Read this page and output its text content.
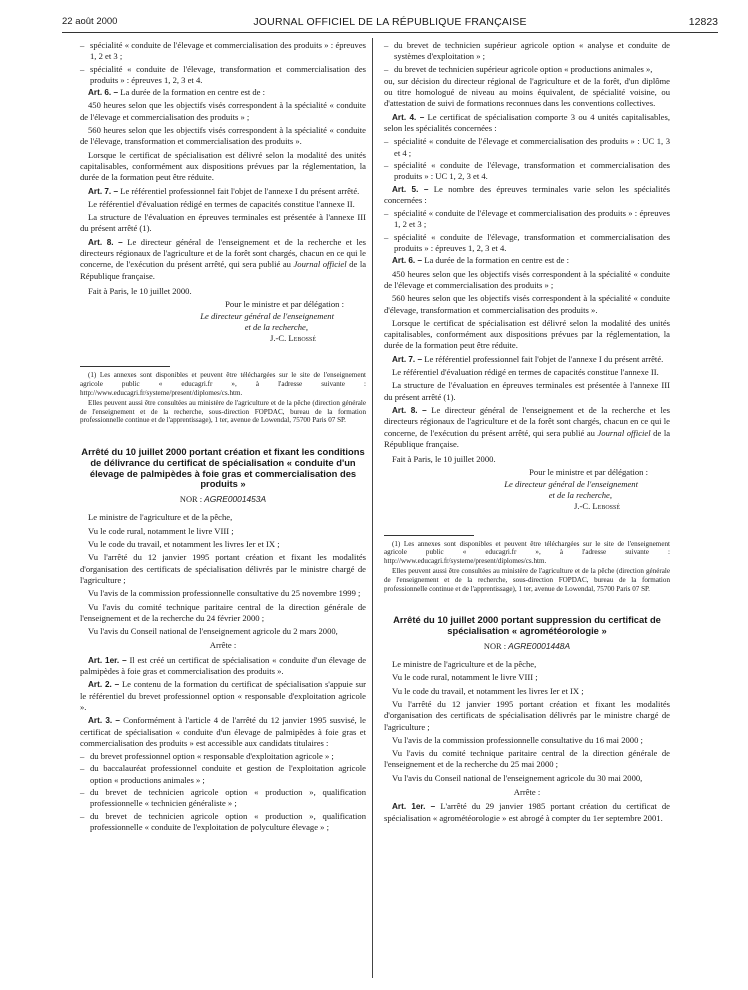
22 août 2000	JOURNAL OFFICIEL DE LA RÉPUBLIQUE FRANÇAISE	12823
– spécialité « conduite de l'élevage et commercialisation des produits » : épreuves 1, 2 et 3 ;
– spécialité « conduite de l'élevage, transformation et commercialisation des produits » : épreuves 1, 2, 3 et 4.

Art. 6. – La durée de la formation en centre est de :

450 heures selon que les objectifs visés correspondent à la spécialité « conduite de l'élevage et commercialisation des produits » ;

560 heures selon que les objectifs visés correspondent à la spécialité « conduite de l'élevage, transformation et commercialisation des produits ».

Lorsque le certificat de spécialisation est délivré selon la modalité des unités capitalisables, conformément aux dispositions prévues par la réglementation, la durée de la formation peut être réduite.

Art. 7. – Le référentiel professionnel fait l'objet de l'annexe I du présent arrêté.

Le référentiel d'évaluation rédigé en termes de capacités constitue l'annexe II.

La structure de l'évaluation en épreuves terminales est présentée à l'annexe III du présent arrêté (1).

Art. 8. – Le directeur général de l'enseignement et de la recherche et les directeurs régionaux de l'agriculture et de la forêt sont chargés, chacun en ce qui le concerne, de l'exécution du présent arrêté, qui sera publié au Journal officiel de la République française.

Fait à Paris, le 10 juillet 2000.

Pour le ministre et par délégation :

Le directeur général de l'enseignement

et de la recherche,

J.-C. Lebossé

(1) Les annexes sont disponibles et peuvent être téléchargées sur le site de l'enseignement agricole public « educagri.fr », à l'adresse suivante : http://www.educagri.fr/systeme/present/diplomes/cs.htm.

Elles peuvent aussi être consultées au ministère de l'agriculture et de la pêche (direction générale de l'enseignement et de la recherche, sous-direction FOPDAC, bureau de la formation professionnelle continue et de l'apprentissage), 1 ter, avenue de Lowendal, 75700 Paris 07 SP.

Arrêté du 10 juillet 2000 portant création et fixant les conditions de délivrance du certificat de spécialisation « conduite d'un élevage de palmipèdes à foie gras et commercialisation des produits »
NOR : AGRE0001453A

Le ministre de l'agriculture et de la pêche,

Vu le code rural, notamment le livre VIII ;

Vu le code du travail, et notamment les livres Ier et IX ;

Vu l'arrêté du 12 janvier 1995 portant création et fixant les modalités d'organisation des certificats de spécialisation délivrés par le ministre chargé de l'agriculture ;

Vu l'avis de la commission professionnelle consultative du 25 novembre 1999 ;

Vu l'avis du comité technique paritaire central de la direction générale de l'enseignement et de la recherche du 24 février 2000 ;

Vu l'avis du Conseil national de l'enseignement agricole du 2 mars 2000,

Arrête :

Art. 1er. – Il est créé un certificat de spécialisation « conduite d'un élevage de palmipèdes à foie gras et commercialisation des produits ».

Art. 2. – Le contenu de la formation du certificat de spécialisation s'appuie sur le référentiel du brevet professionnel option « responsable d'exploitation agricole ».

Art. 3. – Conformément à l'article 4 de l'arrêté du 12 janvier 1995 susvisé, le certificat de spécialisation « conduite d'un élevage de palmipèdes à foie gras et commercialisation des produits » est accessible aux candidats titulaires :

– du brevet professionnel option « responsable d'exploitation agricole » ;
– du baccalauréat professionnel conduite et gestion de l'exploitation agricole option « productions animales » ;
– du brevet de technicien agricole option « production », qualification professionnelle « technicien généraliste » ;
– du brevet de technicien agricole option « production », qualification professionnelle « conduite de l'exploitation de polyculture élevage » ;
– du brevet de technicien supérieur agricole option « analyse et conduite de systèmes d'exploitation » ;
– du brevet de technicien supérieur agricole option « productions animales »,

ou, sur décision du directeur régional de l'agriculture et de la forêt, d'un diplôme ou titre homologué de niveau au moins équivalent, de spécialité voisine, ou d'attestation de suivi de formations reconnues dans les conventions collectives.

Art. 4. – Le certificat de spécialisation comporte 3 ou 4 unités capitalisables, selon les spécialités concernées :

– spécialité « conduite de l'élevage et commercialisation des produits » : UC 1, 3 et 4 ;
– spécialité « conduite de l'élevage, transformation et commercialisation des produits » : UC 1, 2, 3 et 4.

Art. 5. – Le nombre des épreuves terminales varie selon les spécialités concernées :

– spécialité « conduite de l'élevage et commercialisation des produits » : épreuves 1, 2 et 3 ;
– spécialité « conduite de l'élevage, transformation et commercialisation des produits » : épreuves 1, 2, 3 et 4.

Art. 6. – La durée de la formation en centre est de :

450 heures selon que les objectifs visés correspondent à la spécialité « conduite de l'élevage et commercialisation des produits » ;

560 heures selon que les objectifs visés correspondent à la spécialité « conduite d'élevage, transformation et commercialisation des produits ».

Lorsque le certificat de spécialisation est délivré selon la modalité des unités capitalisables, conformément aux dispositions prévues par la réglementation, la durée de la formation peut être réduite.

Art. 7. – Le référentiel professionnel fait l'objet de l'annexe I du présent arrêté.

Le référentiel d'évaluation rédigé en termes de capacités constitue l'annexe II.

La structure de l'évaluation en épreuves terminales est présentée à l'annexe III du présent arrêté (1).

Art. 8. – Le directeur général de l'enseignement et de la recherche et les directeurs régionaux de l'agriculture et de la forêt sont chargés, chacun en ce qui le concerne, de l'exécution du présent arrêté, qui sera publié au Journal officiel de la République française.

Fait à Paris, le 10 juillet 2000.

Pour le ministre et par délégation :

Le directeur général de l'enseignement

et de la recherche,

J.-C. Lebossé

(1) Les annexes sont disponibles et peuvent être téléchargées sur le site de l'enseignement agricole public « educagri.fr », à l'adresse suivante : http://www.educagri.fr/systeme/present/diplomes/cs.htm.

Elles peuvent aussi être consultées au ministère de l'agriculture et de la pêche (direction générale de l'enseignement et de la recherche, sous-direction FOPDAC, bureau de la formation professionnelle continue et de l'apprentissage), 1 ter, avenue de Lowendal, 75700 Paris 07 SP.

Arrêté du 10 juillet 2000 portant suppression du certificat de spécialisation « agrométéorologie »
NOR : AGRE0001448A

Le ministre de l'agriculture et de la pêche,

Vu le code rural, notamment le livre VIII ;

Vu le code du travail, et notamment les livres Ier et IX ;

Vu l'arrêté du 12 janvier 1995 portant création et fixant les modalités d'organisation des certificats de spécialisation délivrés par le ministre chargé de l'agriculture ;

Vu l'avis de la commission professionnelle consultative du 16 mai 2000 ;

Vu l'avis du comité technique paritaire central de la direction générale de l'enseignement et de la recherche du 25 mai 2000 ;

Vu l'avis du Conseil national de l'enseignement agricole du 30 mai 2000,

Arrête :

Art. 1er. – L'arrêté du 29 janvier 1985 portant création du certificat de spécialisation « agrométéorologie » est abrogé à compter du 1er septembre 2001.
